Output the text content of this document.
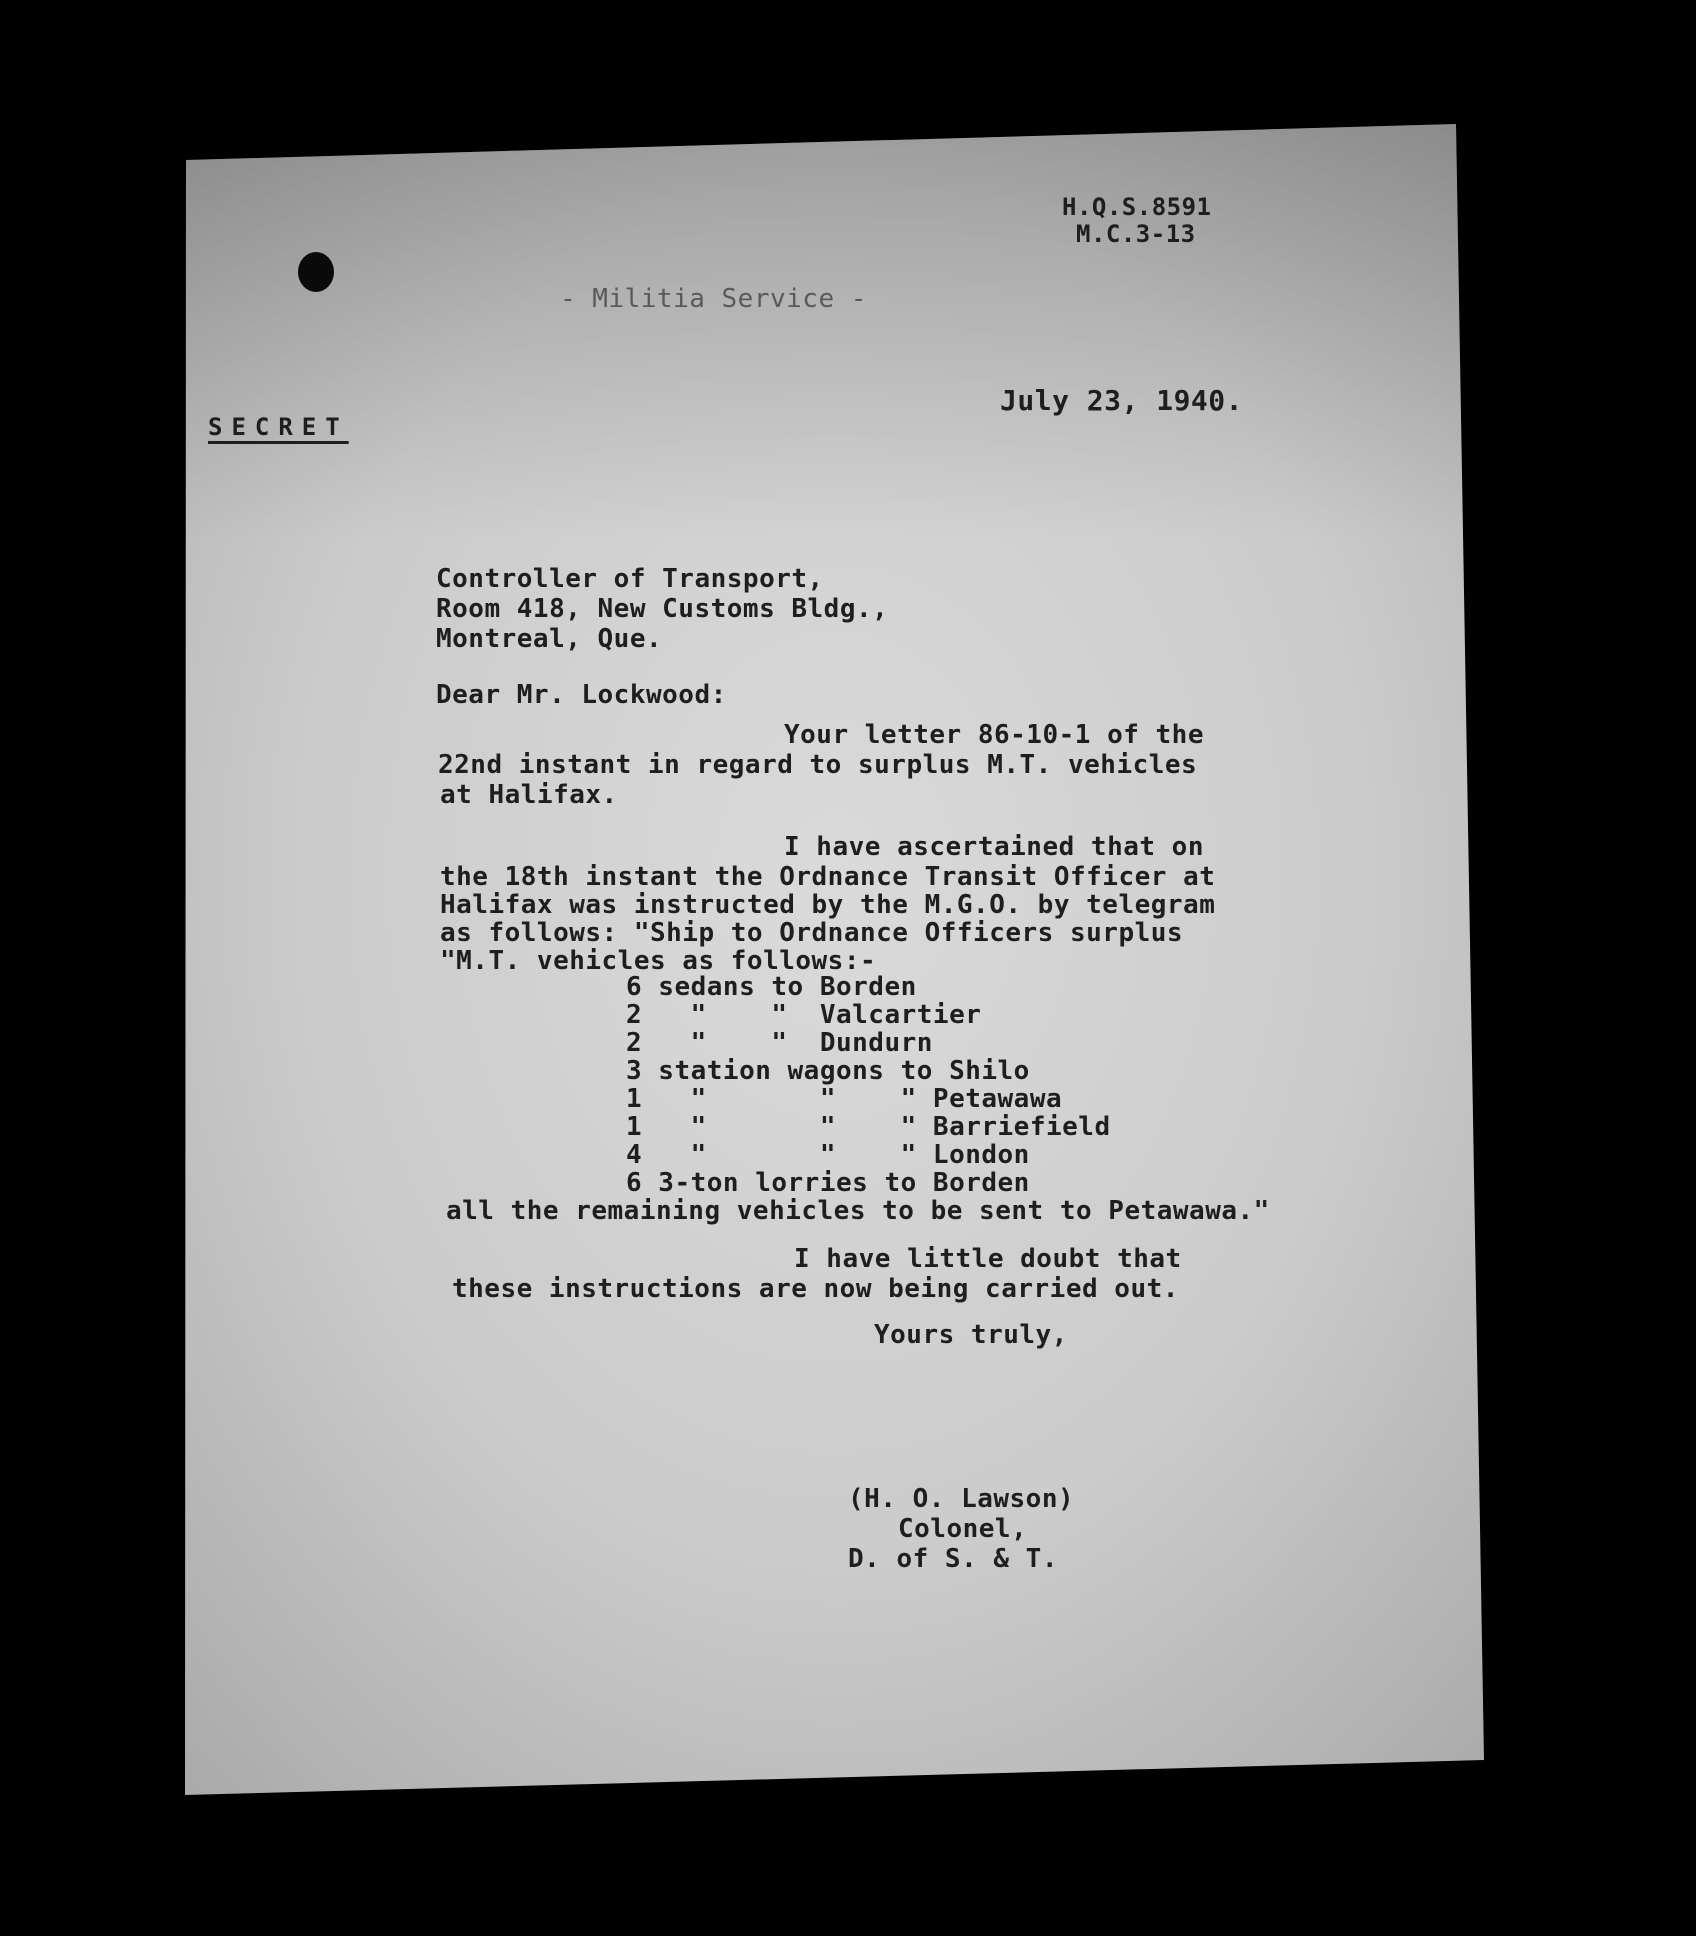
H.Q.S.8591
M.C.3-13
- Militia Service -
SECRET
July 23, 1940.
Controller of Transport,
Room 418, New Customs Bldg.,
Montreal, Que.
Dear Mr. Lockwood:
Your letter 86-10-1 of the
22nd instant in regard to surplus M.T. vehicles
at Halifax.
I have ascertained that on
the 18th instant the Ordnance Transit Officer at
Halifax was instructed by the M.G.O. by telegram
as follows: "Ship to Ordnance Officers surplus
"M.T. vehicles as follows:-
6 sedans to Borden
2   "    "  Valcartier
2   "    "  Dundurn
3 station wagons to Shilo
1   "       "    " Petawawa
1   "       "    " Barriefield
4   "       "    " London
6 3-ton lorries to Borden
all the remaining vehicles to be sent to Petawawa."
I have little doubt that
these instructions are now being carried out.
Yours truly,
(H. O. Lawson)
Colonel,
D. of S. & T.
